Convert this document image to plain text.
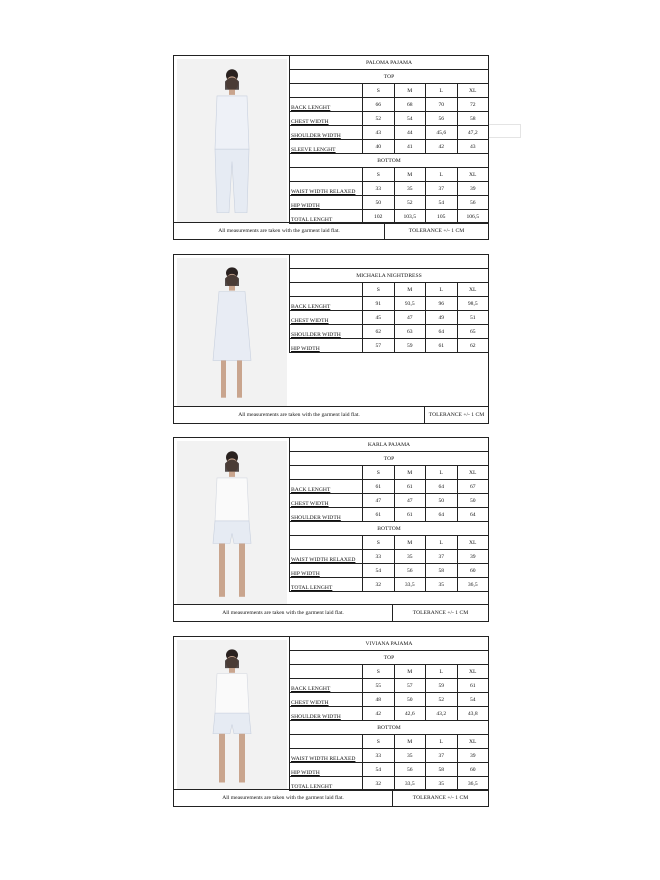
PALOMA PAJAMA
TOP
S	M	L	XL
BACK LENGHT
66	68	70	72
CHEST WIDTH
52	54	56	58
SHOULDER WIDTH
43	44	45,6	47,2
SLEEVE LENGHT
40	41	42	43
BOTTOM
S	M	L	XL
WAIST WIDTH RELAXED
33	35	37	39
HIP WIDTH
50	52	54	56
TOTAL LENGHT
102	103,5	105	106,5
All measurements are taken with the garment laid flat.	TOLERANCE +/- 1 CM
MICHAELA NIGHTDRESS
S	M	L	XL
BACK LENGHT
91	93,5	96	98,5
CHEST WIDTH
45	47	49	51
SHOULDER WIDTH
62	63	64	65
HIP WIDTH
57	59	61	62
All measurements are taken with the garment laid flat.	TOLERANCE +/- 1 CM
KARLA PAJAMA
TOP
S	M	L	XL
BACK LENGHT
61	61	64	67
CHEST WIDTH
47	47	50	50
SHOULDER WIDTH
61	61	64	64
BOTTOM
S	M	L	XL
WAIST WIDTH RELAXED
33	35	37	39
HIP WIDTH
54	56	58	60
TOTAL LENGHT
32	33,5	35	36,5
All measurements are taken with the garment laid flat.	TOLERANCE +/- 1 CM
VIVIANA PAJAMA
TOP
S	M	L	XL
BACK LENGHT
55	57	59	61
CHEST WIDTH
48	50	52	54
SHOULDER WIDTH
42	42,6	43,2	43,8
BOTTOM
S	M	L	XL
WAIST WIDTH RELAXED
33	35	37	39
HIP WIDTH
54	56	58	60
TOTAL LENGHT
32	33,5	35	36,5
All measurements are taken with the garment laid flat.	TOLERANCE +/- 1 CM
